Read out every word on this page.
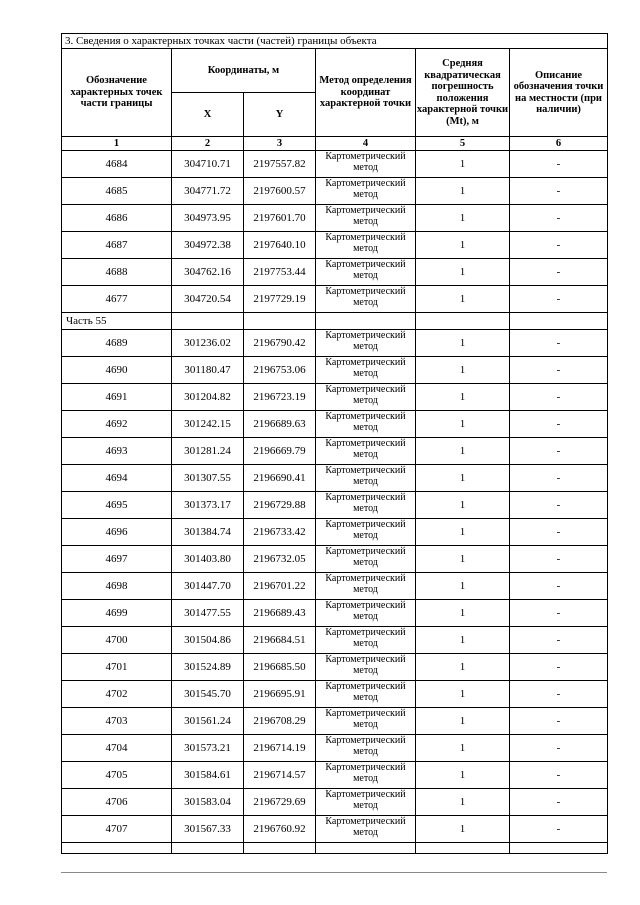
3. Сведения о характерных точках части (частей) границы объекта					
Обозначение характерных точек части границы	Координаты, м		Метод определения координат характерной точки	Средняя квадратическая погрешность положения характерной точки (Mt), м	Описание обозначения точки на местности (при наличии)
	X	Y			
1	2	3	4	5	6
4684	304710.71	2197557.82	Картометрический метод	1	-
4685	304771.72	2197600.57	Картометрический метод	1	-
4686	304973.95	2197601.70	Картометрический метод	1	-
4687	304972.38	2197640.10	Картометрический метод	1	-
4688	304762.16	2197753.44	Картометрический метод	1	-
4677	304720.54	2197729.19	Картометрический метод	1	-
Часть 55					
4689	301236.02	2196790.42	Картометрический метод	1	-
4690	301180.47	2196753.06	Картометрический метод	1	-
4691	301204.82	2196723.19	Картометрический метод	1	-
4692	301242.15	2196689.63	Картометрический метод	1	-
4693	301281.24	2196669.79	Картометрический метод	1	-
4694	301307.55	2196690.41	Картометрический метод	1	-
4695	301373.17	2196729.88	Картометрический метод	1	-
4696	301384.74	2196733.42	Картометрический метод	1	-
4697	301403.80	2196732.05	Картометрический метод	1	-
4698	301447.70	2196701.22	Картометрический метод	1	-
4699	301477.55	2196689.43	Картометрический метод	1	-
4700	301504.86	2196684.51	Картометрический метод	1	-
4701	301524.89	2196685.50	Картометрический метод	1	-
4702	301545.70	2196695.91	Картометрический метод	1	-
4703	301561.24	2196708.29	Картометрический метод	1	-
4704	301573.21	2196714.19	Картометрический метод	1	-
4705	301584.61	2196714.57	Картометрический метод	1	-
4706	301583.04	2196729.69	Картометрический метод	1	-
4707	301567.33	2196760.92	Картометрический метод	1	-
